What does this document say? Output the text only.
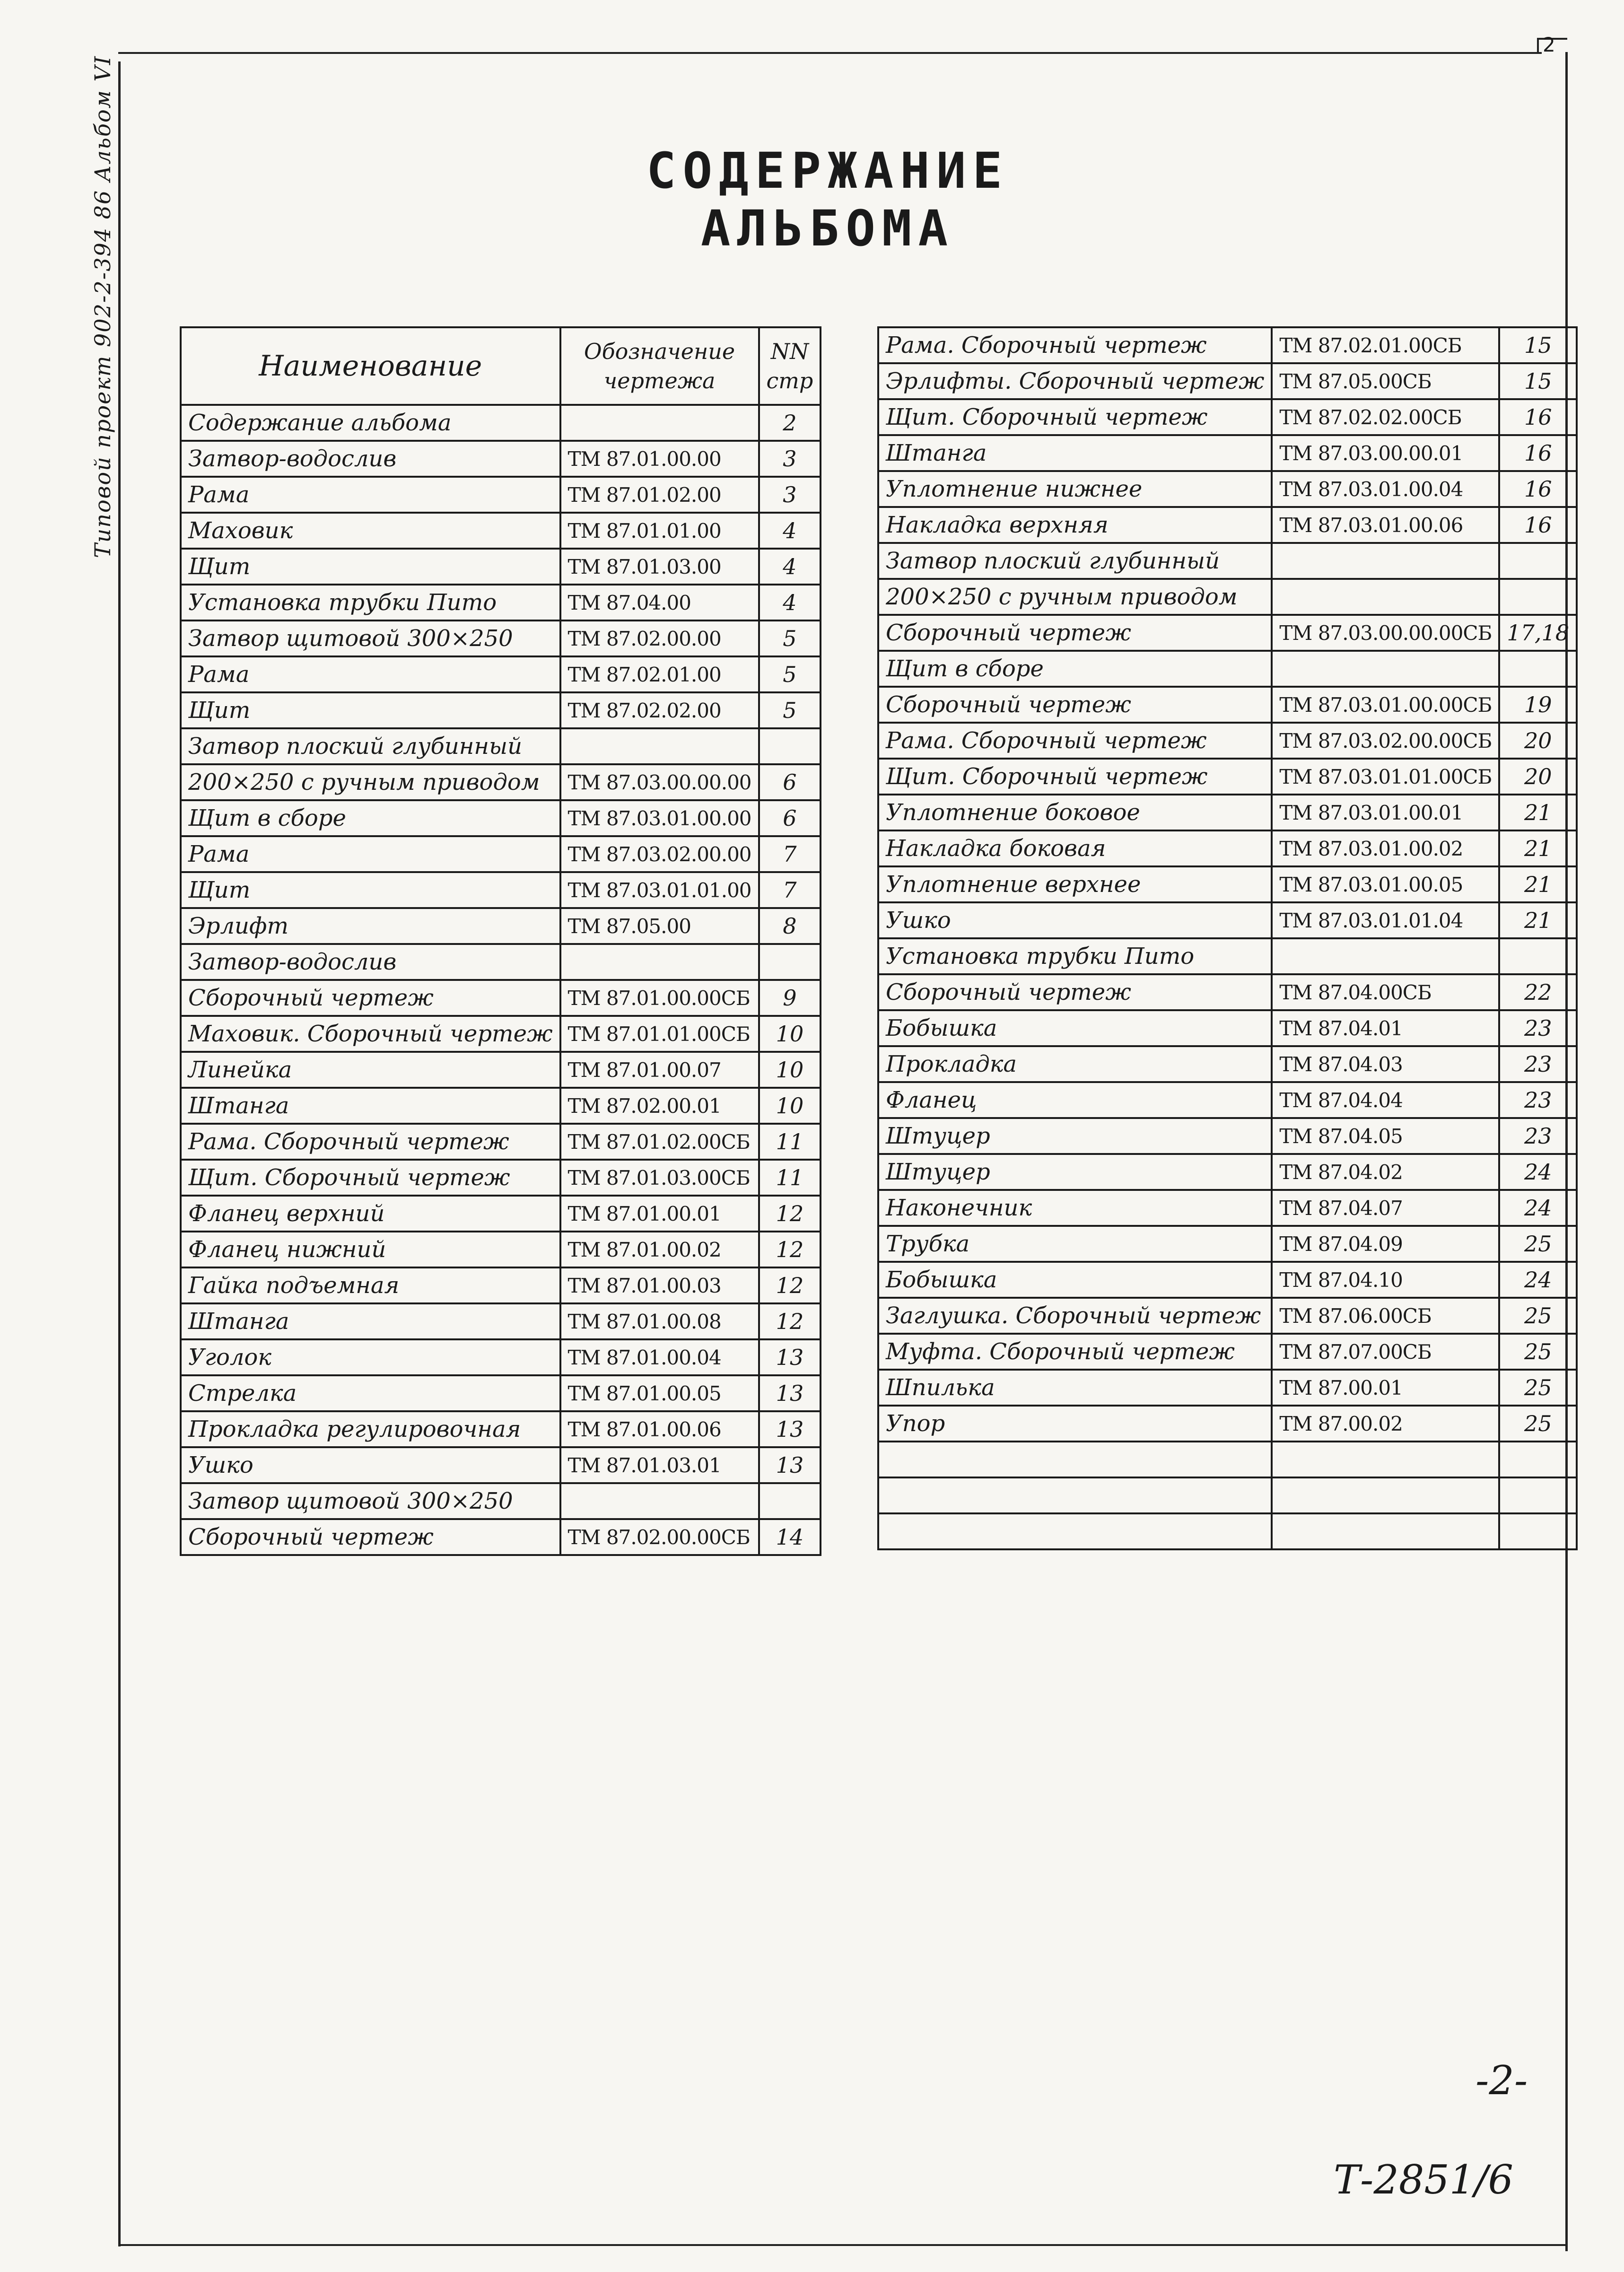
2
Типовой проект 902-2-394 86 Альбом VI	СОДЕРЖАНИЕ АЛЬБОМА
Наименование	Обозначение чертежа	NN стр
Содержание альбома		2
Затвор-водослив	ТМ 87.01.00.00	3
Рама	ТМ 87.01.02.00	3
Маховик	ТМ 87.01.01.00	4
Щит	ТМ 87.01.03.00	4
Установка трубки Пито	ТМ 87.04.00	4
Затвор щитовой 300×250	ТМ 87.02.00.00	5
Рама	ТМ 87.02.01.00	5
Щит	ТМ 87.02.02.00	5
Затвор плоский глубинный		
200×250 с ручным приводом	ТМ 87.03.00.00.00	6
Щит в сборе	ТМ 87.03.01.00.00	6
Рама	ТМ 87.03.02.00.00	7
Щит	ТМ 87.03.01.01.00	7
Эрлифт	ТМ 87.05.00	8
Затвор-водослив		
Сборочный чертеж	ТМ 87.01.00.00СБ	9
Маховик. Сборочный чертеж	ТМ 87.01.01.00СБ	10
Линейка	ТМ 87.01.00.07	10
Штанга	ТМ 87.02.00.01	10
Рама. Сборочный чертеж	ТМ 87.01.02.00СБ	11
Щит. Сборочный чертеж	ТМ 87.01.03.00СБ	11
Фланец верхний	ТМ 87.01.00.01	12
Фланец нижний	ТМ 87.01.00.02	12
Гайка подъемная	ТМ 87.01.00.03	12
Штанга	ТМ 87.01.00.08	12
Уголок	ТМ 87.01.00.04	13
Стрелка	ТМ 87.01.00.05	13
Прокладка регулировочная	ТМ 87.01.00.06	13
Ушко	ТМ 87.01.03.01	13
Затвор щитовой 300×250		
Сборочный чертеж	ТМ 87.02.00.00СБ	14
Рама. Сборочный чертеж	ТМ 87.02.01.00СБ	15
Эрлифты. Сборочный чертеж	ТМ 87.05.00СБ	15
Щит. Сборочный чертеж	ТМ 87.02.02.00СБ	16
Штанга	ТМ 87.03.00.00.01	16
Уплотнение нижнее	ТМ 87.03.01.00.04	16
Накладка верхняя	ТМ 87.03.01.00.06	16
Затвор плоский глубинный		
200×250 с ручным приводом		
Сборочный чертеж	ТМ 87.03.00.00.00СБ	17,18
Щит в сборе		
Сборочный чертеж	ТМ 87.03.01.00.00СБ	19
Рама. Сборочный чертеж	ТМ 87.03.02.00.00СБ	20
Щит. Сборочный чертеж	ТМ 87.03.01.01.00СБ	20
Уплотнение боковое	ТМ 87.03.01.00.01	21
Накладка боковая	ТМ 87.03.01.00.02	21
Уплотнение верхнее	ТМ 87.03.01.00.05	21
Ушко	ТМ 87.03.01.01.04	21
Установка трубки Пито		
Сборочный чертеж	ТМ 87.04.00СБ	22
Бобышка	ТМ 87.04.01	23
Прокладка	ТМ 87.04.03	23
Фланец	ТМ 87.04.04	23
Штуцер	ТМ 87.04.05	23
Штуцер	ТМ 87.04.02	24
Наконечник	ТМ 87.04.07	24
Трубка	ТМ 87.04.09	25
Бобышка	ТМ 87.04.10	24
Заглушка. Сборочный чертеж	ТМ 87.06.00СБ	25
Муфта. Сборочный чертеж	ТМ 87.07.00СБ	25
Шпилька	ТМ 87.00.01	25
Упор	ТМ 87.00.02	25

-2-
Т-2851/6
